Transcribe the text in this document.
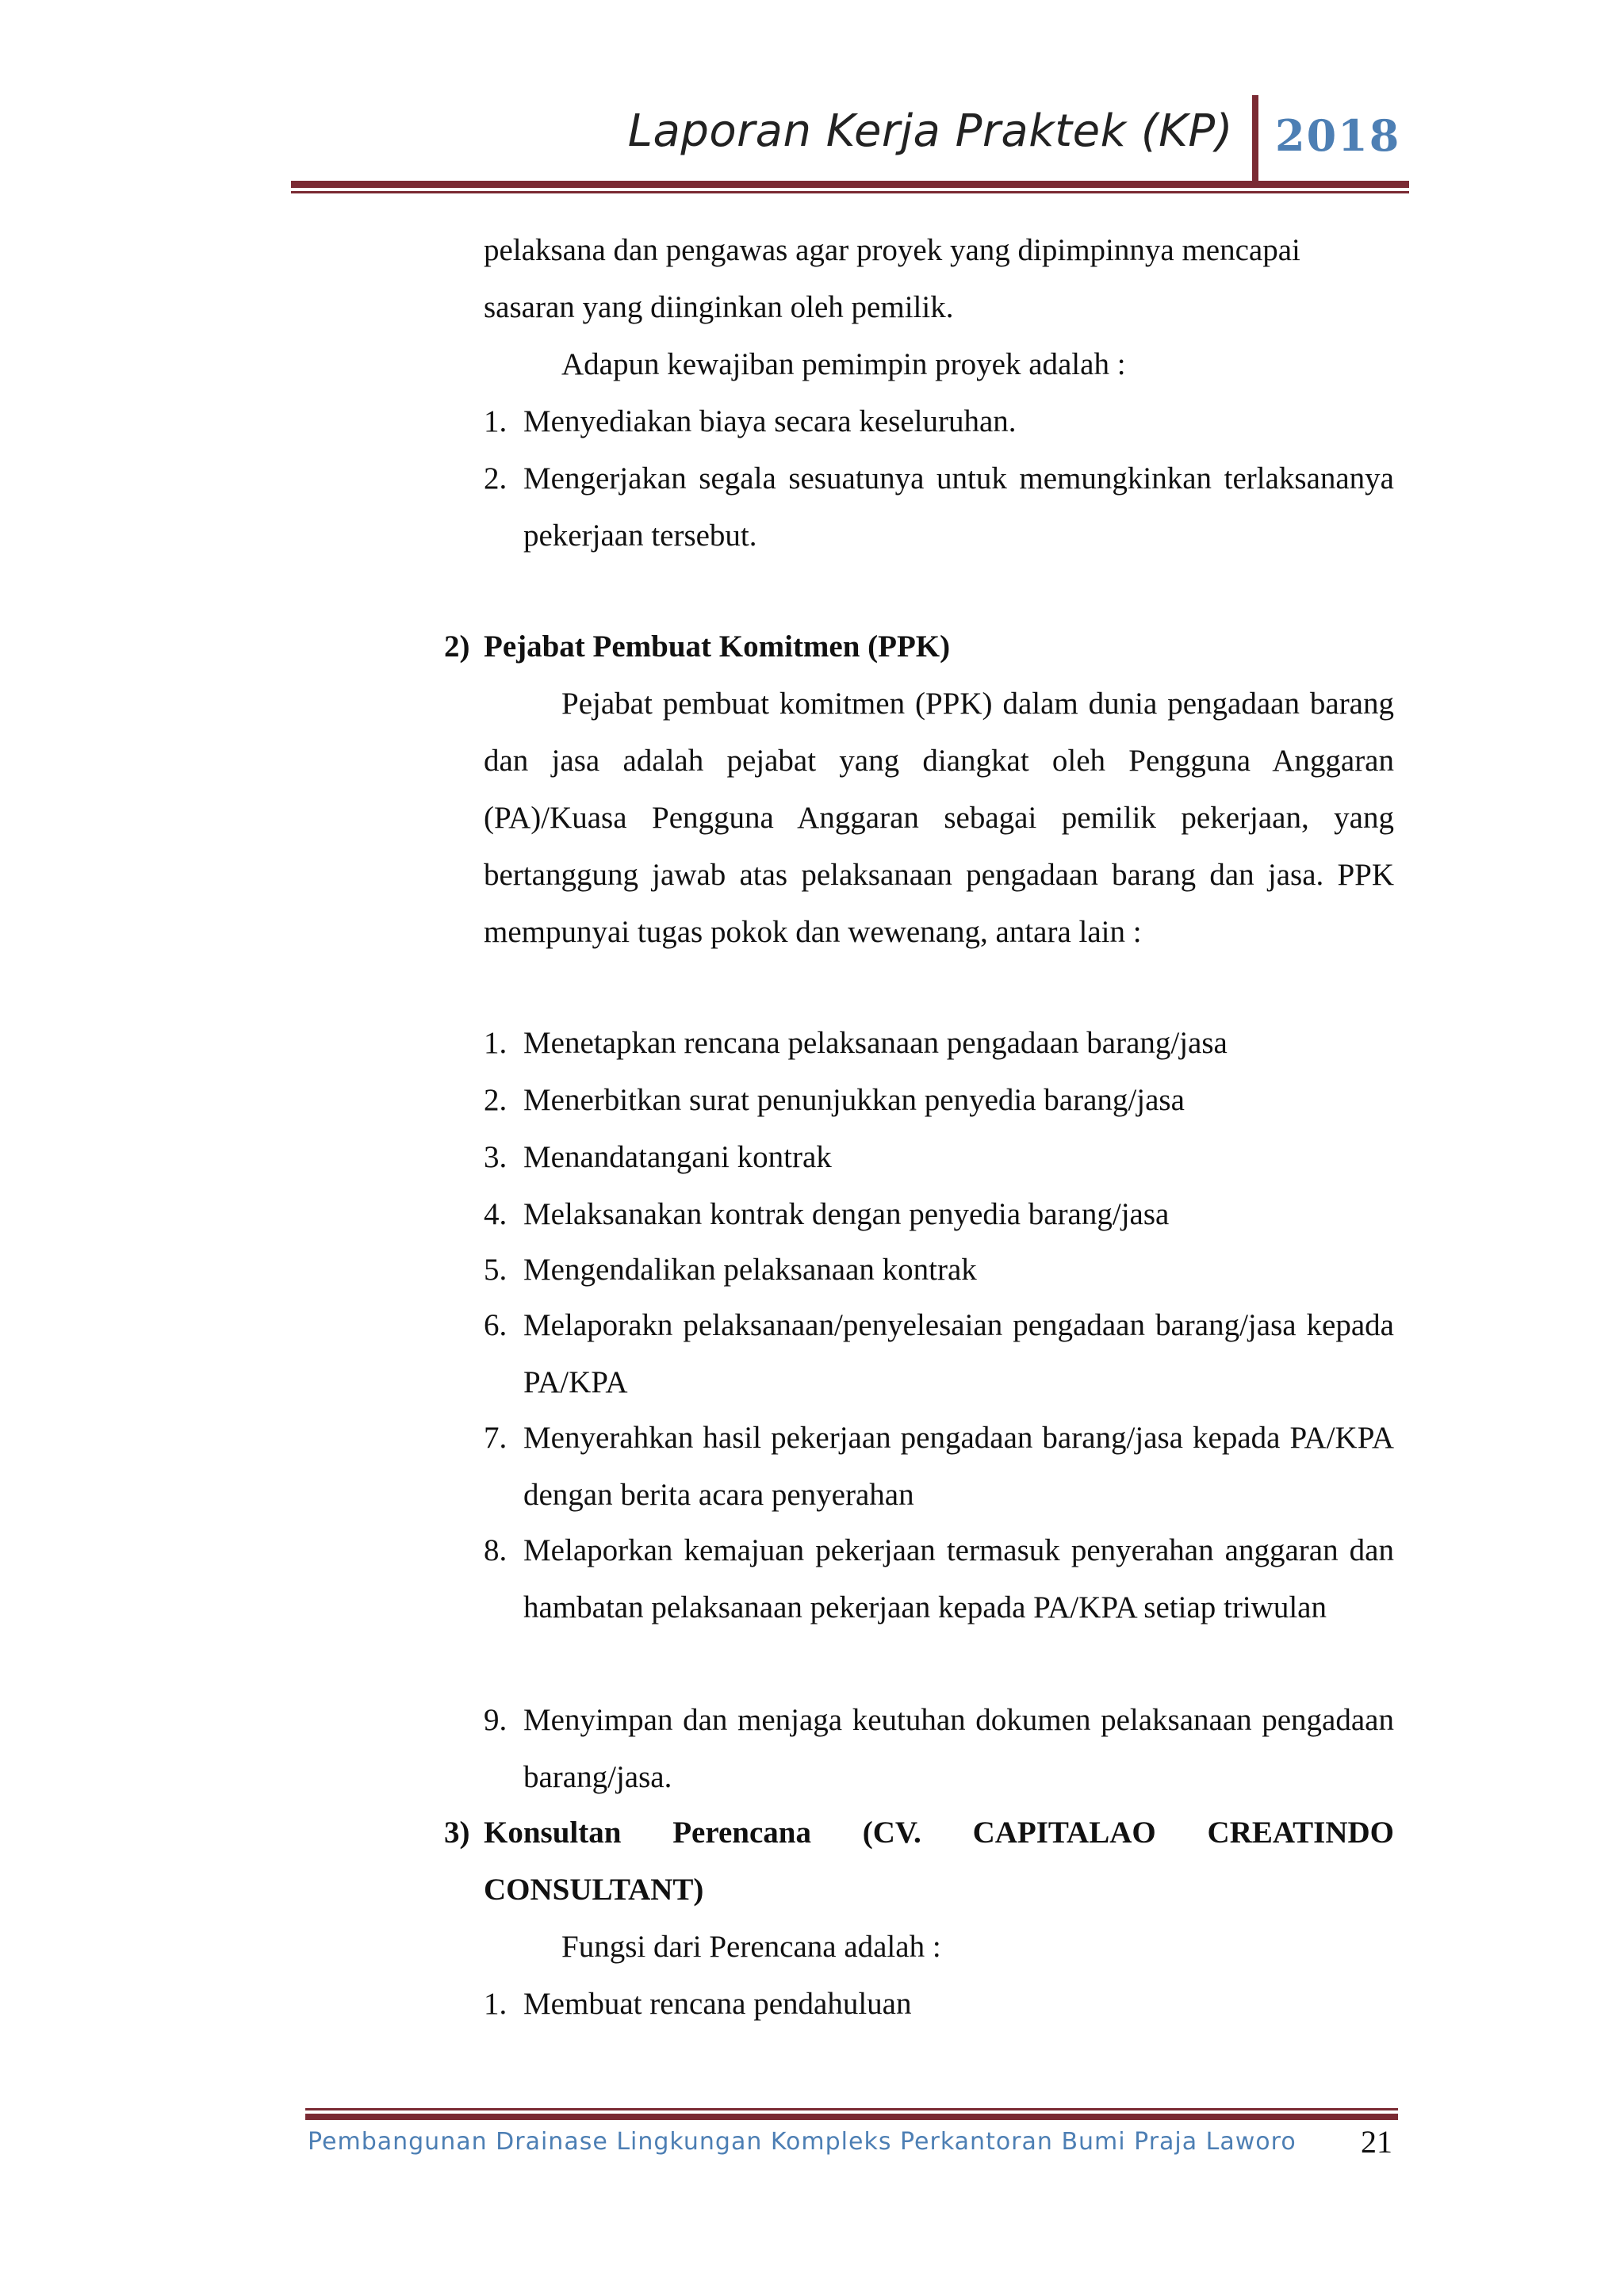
Laporan Kerja Praktek (KP) 2018
pelaksana dan pengawas agar proyek yang dipimpinnya mencapai
sasaran yang diinginkan oleh pemilik.
Adapun kewajiban pemimpin proyek adalah :
1. Menyediakan biaya secara keseluruhan.
2. Mengerjakan segala sesuatunya untuk memungkinkan terlaksananya pekerjaan tersebut.
2) Pejabat Pembuat Komitmen (PPK)
Pejabat pembuat komitmen (PPK) dalam dunia pengadaan barang dan jasa adalah pejabat yang diangkat oleh Pengguna Anggaran (PA)/Kuasa Pengguna Anggaran sebagai pemilik pekerjaan, yang bertanggung jawab atas pelaksanaan pengadaan barang dan jasa. PPK mempunyai tugas pokok dan wewenang, antara lain :
1. Menetapkan rencana pelaksanaan pengadaan barang/jasa
2. Menerbitkan surat penunjukkan penyedia barang/jasa
3. Menandatangani kontrak
4. Melaksanakan kontrak dengan penyedia barang/jasa
5. Mengendalikan pelaksanaan kontrak
6. Melaporakn pelaksanaan/penyelesaian pengadaan barang/jasa kepada PA/KPA
7. Menyerahkan hasil pekerjaan pengadaan barang/jasa kepada PA/KPA dengan berita acara penyerahan
8. Melaporkan kemajuan pekerjaan termasuk penyerahan anggaran dan hambatan pelaksanaan pekerjaan kepada PA/KPA setiap triwulan
9. Menyimpan dan menjaga keutuhan dokumen pelaksanaan pengadaan barang/jasa.
3) Konsultan Perencana (CV. CAPITALAO CREATINDO CONSULTANT)
Fungsi dari Perencana adalah :
1. Membuat rencana pendahuluan
Pembangunan Drainase Lingkungan Kompleks Perkantoran Bumi Praja Laworo 21
